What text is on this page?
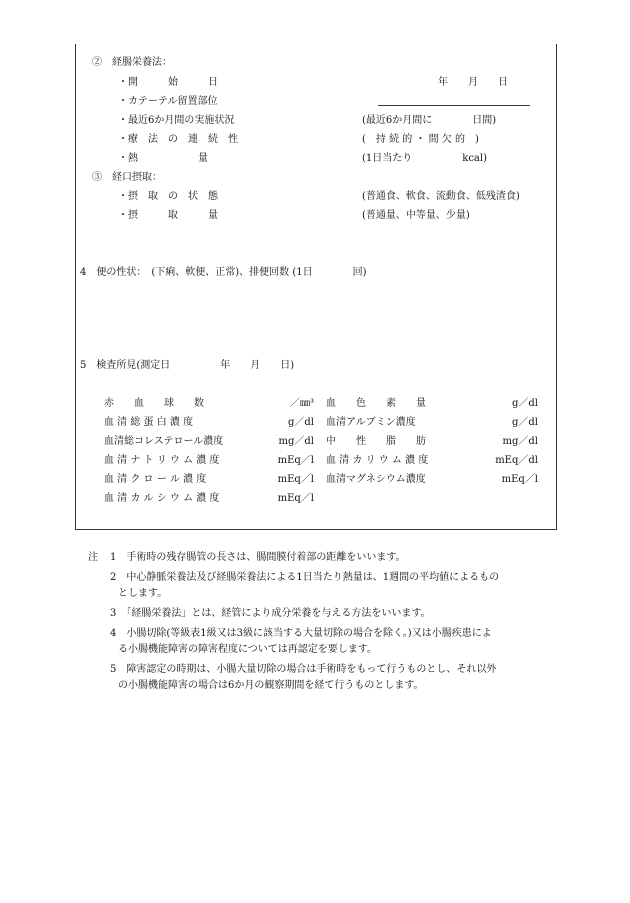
②　経腸栄養法：
・開　　　始　　　日	年　　月　　日
・カテーテル留置部位
・最近6か月間の実施状況	(最近6か月間に　　　　日間)
・療　法　の　連　続　性	(　持 続 的 ・ 間 欠 的　)
・熱　　　　　　量	(1日当たり　　　　　kcal)
③　経口摂取：
・摂　取　の　状　態	(普通食、軟食、流動食、低残渣食)
・摂　　　取　　　量	(普通量、中等量、少量)
4　便の性状：　(下痢、軟便、正常)、排便回数 (1日　　　　回)
5　検査所見(測定日　　　　　年　　月　　日)
赤　　血　　球　　数	／㎜³ 血　　色　　素　　量	g／dl
血 清 総 蛋 白 濃 度	g／dl 血清アルブミン濃度	g／dl
血清総コレステロール濃度	mg／dl 中　　性　　脂　　肪	mg／dl
血 清 ナ ト リ ウ ム 濃 度	mEq／l 血 清 カ リ ウ ム 濃 度	mEq／dl
血 清 ク ロ ー ル 濃 度	mEq／l 血清マグネシウム濃度	mEq／l
血 清 カ ル シ ウ ム 濃 度	mEq／l
注 1　手術時の残存腸管の長さは、腸間膜付着部の距離をいいます。
2　中心静脈栄養法及び経腸栄養法による1日当たり熱量は、1週間の平均値によるもの
とします。
3　「経腸栄養法」とは、経管により成分栄養を与える方法をいいます。
4　小腸切除(等級表1級又は3級に該当する大量切除の場合を除く。)又は小腸疾患によ
る小腸機能障害の障害程度については再認定を要します。
5　障害認定の時期は、小腸大量切除の場合は手術時をもって行うものとし、それ以外
の小腸機能障害の場合は6か月の観察期間を経て行うものとします。
